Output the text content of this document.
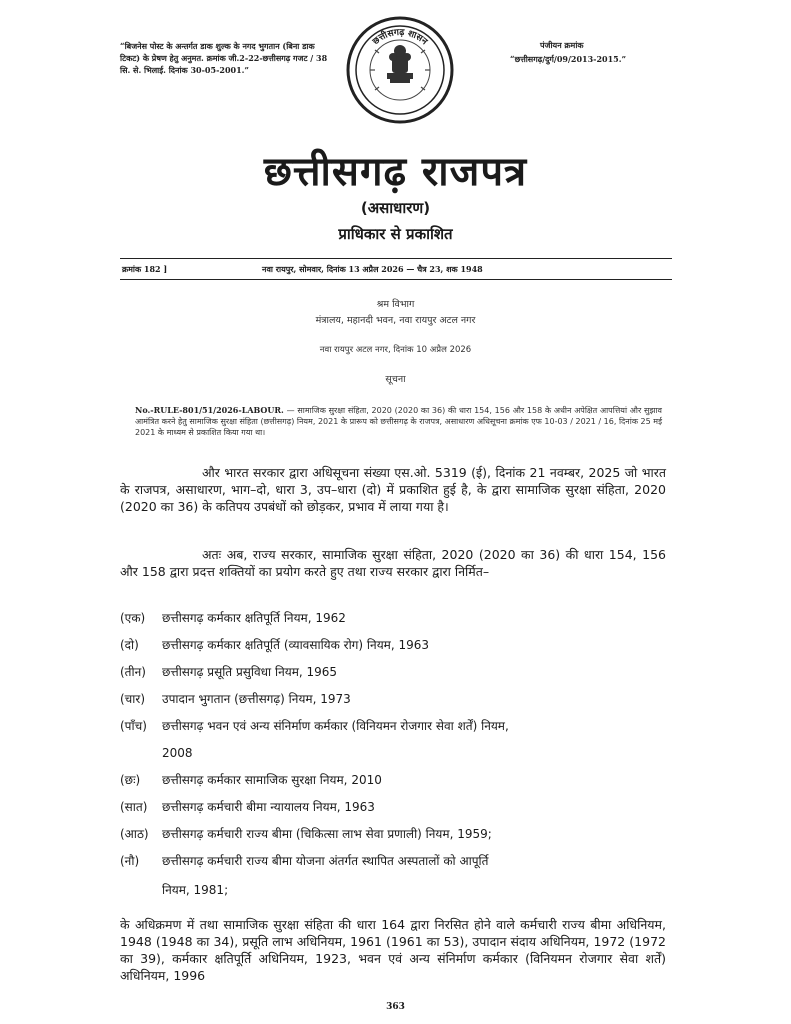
“बिजनेस पोस्ट के अन्तर्गत डाक शुल्क के नगद भुगतान (बिना डाक टिकट) के प्रेषण हेतु अनुमत. क्रमांक जी.2-22-छत्तीसगढ़ गजट / 38 सि. से. भिलाई. दिनांक 30-05-2001.”
छत्तीसगढ़ शासन	पंजीयन क्रमांक
“छत्तीसगढ़/दुर्ग/09/2013-2015.”
छत्तीसगढ़ राजपत्र
(असाधारण)
प्राधिकार से प्रकाशित
क्रमांक 182 ]	नवा रायपुर, सोमवार, दिनांक 13 अप्रैल 2026 — चैत्र 23, शक 1948
श्रम विभाग
मंत्रालय, महानदी भवन, नवा रायपुर अटल नगर
नवा रायपुर अटल नगर, दिनांक 10 अप्रैल 2026
सूचना
No.-RULE-801/51/2026-LABOUR. — सामाजिक सुरक्षा संहिता, 2020 (2020 का 36) की धारा 154, 156 और 158 के अधीन अपेक्षित आपत्तियां और सुझाव आमंत्रित करने हेतु सामाजिक सुरक्षा संहिता (छत्तीसगढ़) नियम, 2021 के प्रारूप को छत्तीसगढ़ के राजपत्र, असाधारण अधिसूचना क्रमांक एफ 10-03 / 2021 / 16, दिनांक 25 मई 2021 के माध्यम से प्रकाशित किया गया था।
और भारत सरकार द्वारा अधिसूचना संख्या एस.ओ. 5319 (ई), दिनांक 21 नवम्बर, 2025 जो भारत के राजपत्र, असाधारण, भाग–दो, धारा 3, उप–धारा (दो) में प्रकाशित हुई है, के द्वारा सामाजिक सुरक्षा संहिता, 2020 (2020 का 36) के कतिपय उपबंधों को छोड़कर, प्रभाव में लाया गया है।
अतः अब, राज्य सरकार, सामाजिक सुरक्षा संहिता, 2020 (2020 का 36) की धारा 154, 156 और 158 द्वारा प्रदत्त शक्तियों का प्रयोग करते हुए तथा राज्य सरकार द्वारा निर्मित–
(एक)	छत्तीसगढ़ कर्मकार क्षतिपूर्ति नियम, 1962
(दो)	छत्तीसगढ़ कर्मकार क्षतिपूर्ति (व्यावसायिक रोग) नियम, 1963
(तीन)	छत्तीसगढ़ प्रसूति प्रसुविधा नियम, 1965
(चार)	उपादान भुगतान (छत्तीसगढ़) नियम, 1973
(पाँच)	छत्तीसगढ़ भवन एवं अन्य संनिर्माण कर्मकार (विनियमन रोजगार सेवा शर्तें) नियम,
2008
(छः)	छत्तीसगढ़ कर्मकार सामाजिक सुरक्षा नियम, 2010
(सात)	छत्तीसगढ़ कर्मचारी बीमा न्यायालय नियम, 1963
(आठ)	छत्तीसगढ़ कर्मचारी राज्य बीमा (चिकित्सा लाभ सेवा प्रणाली) नियम, 1959;
(नौ)	छत्तीसगढ़ कर्मचारी राज्य बीमा योजना अंतर्गत स्थापित अस्पतालों को आपूर्ति
नियम, 1981;
के अधिक्रमण में तथा सामाजिक सुरक्षा संहिता की धारा 164 द्वारा निरसित होने वाले कर्मचारी राज्य बीमा अधिनियम, 1948 (1948 का 34), प्रसूति लाभ अधिनियम, 1961 (1961 का 53), उपादान संदाय अधिनियम, 1972 (1972 का 39), कर्मकार क्षतिपूर्ति अधिनियम, 1923, भवन एवं अन्य संनिर्माण कर्मकार (विनियमन रोजगार सेवा शर्तें) अधिनियम, 1996
363
